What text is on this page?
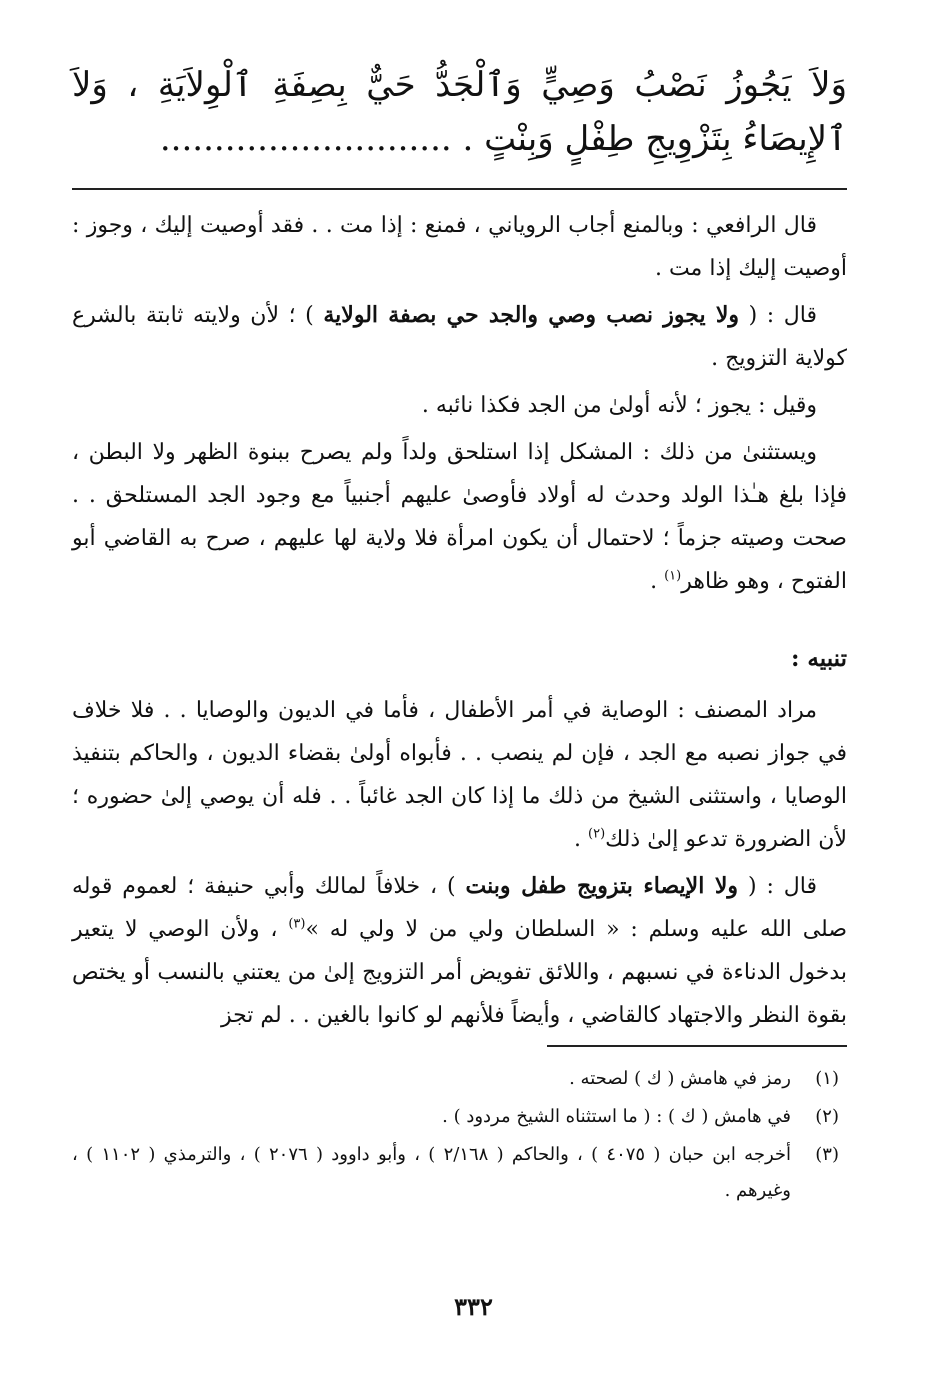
وَلاَ يَجُوزُ نَصْبُ وَصِيٍّ وَٱلْجَدُّ حَيٌّ بِصِفَةِ ٱلْوِلاَيَةِ ، وَلاَ ٱلإِيصَاءُ بِتَزْوِيجِ طِفْلٍ وَبِنْتٍ . ...........................

قال الرافعي : وبالمنع أجاب الروياني ، فمنع : إذا مت . . فقد أوصيت إليك ، وجوز : أوصيت إليك إذا مت .

قال : ( ولا يجوز نصب وصي والجد حي بصفة الولاية ) ؛ لأن ولايته ثابتة بالشرع كولاية التزويج .

وقيل : يجوز ؛ لأنه أولىٰ من الجد فكذا نائبه .

ويستثنىٰ من ذلك : المشكل إذا استلحق ولداً ولم يصرح ببنوة الظهر ولا البطن ، فإذا بلغ هـٰذا الولد وحدث له أولاد فأوصىٰ عليهم أجنبياً مع وجود الجد المستلحق . . صحت وصيته جزماً ؛ لاحتمال أن يكون امرأة فلا ولاية لها عليهم ، صرح به القاضي أبو الفتوح ، وهو ظاهر$^{(١)}$ .

تنبيه :

مراد المصنف : الوصاية في أمر الأطفال ، فأما في الديون والوصايا . . فلا خلاف في جواز نصبه مع الجد ، فإن لم ينصب . . فأبواه أولىٰ بقضاء الديون ، والحاكم بتنفيذ الوصايا ، واستثنى الشيخ من ذلك ما إذا كان الجد غائباً . . فله أن يوصي إلىٰ حضوره ؛ لأن الضرورة تدعو إلىٰ ذلك$^{(٢)}$ .

قال : ( ولا الإيصاء بتزويج طفل وبنت ) ، خلافاً لمالك وأبي حنيفة ؛ لعموم قوله صلى الله عليه وسلم : « السلطان ولي من لا ولي له »$^{(٣)}$ ، ولأن الوصي لا يتعير بدخول الدناءة في نسبهم ، واللائق تفويض أمر التزويج إلىٰ من يعتني بالنسب أو يختص بقوة النظر والاجتهاد كالقاضي ، وأيضاً فلأنهم لو كانوا بالغين . . لم تجز

(١)
رمز في هامش ( ك ) لصحته .
(٢)
في هامش ( ك ) : ( ما استثناه الشيخ مردود ) .
(٣)
أخرجه ابن حبان ( ٤٠٧٥ ) ، والحاكم ( ٢/١٦٨ ) ، وأبو داوود ( ٢٠٧٦ ) ، والترمذي ( ١١٠٢ ) ، وغيرهم .
٣٣٢
